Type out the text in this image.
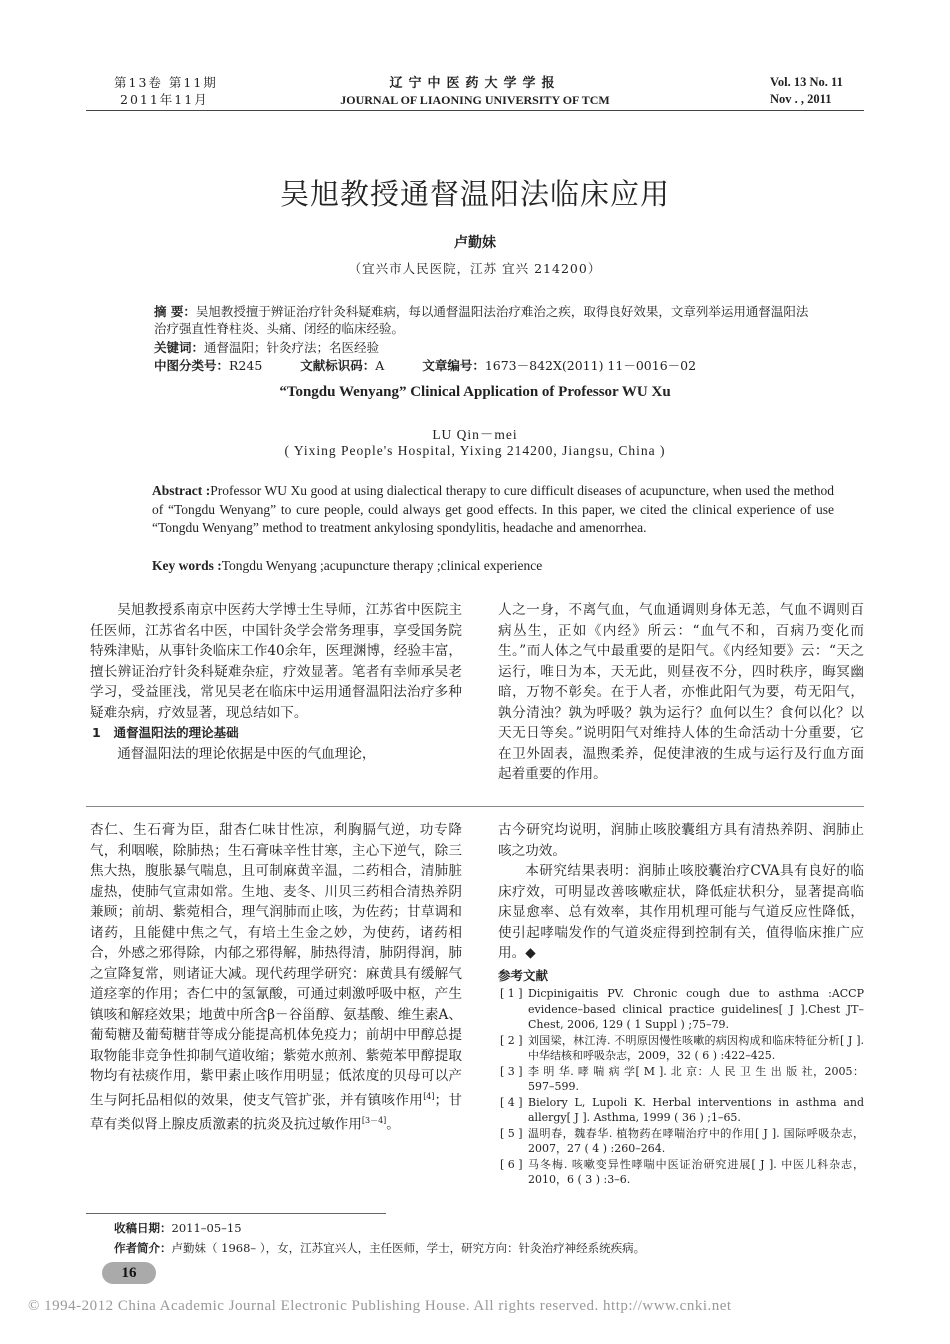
第13卷 第11期
2011年11月
辽宁中医药大学学报
JOURNAL OF LIAONING UNIVERSITY OF TCM
Vol. 13 No. 11
Nov . , 2011
吴旭教授通督温阳法临床应用
卢勤妹
（宜兴市人民医院，江苏 宜兴 214200）
摘 要：吴旭教授擅于辨证治疗针灸科疑难病，每以通督温阳法治疗难治之疾，取得良好效果，文章列举运用通督温阳法治疗强直性脊柱炎、头痛、闭经的临床经验。
关键词：通督温阳；针灸疗法；名医经验
中图分类号：R245	文献标识码：A	文章编号：1673－842X(2011) 11－0016－02
“Tongdu Wenyang” Clinical Application of Professor WU Xu
LU Qin－mei
( Yixing People's Hospital, Yixing 214200, Jiangsu, China )
Abstract :Professor WU Xu good at using dialectical therapy to cure difficult diseases of acupuncture, when used the method of “Tongdu Wenyang” to cure people, could always get good effects. In this paper, we cited the clinical experience of use “Tongdu Wenyang” method to treatment ankylosing spondylitis, headache and amenorrhea.
Key words :Tongdu Wenyang ;acupuncture therapy ;clinical experience

吴旭教授系南京中医药大学博士生导师，江苏省中医院主任医师，江苏省名中医，中国针灸学会常务理事，享受国务院特殊津贴，从事针灸临床工作40余年，医理渊博，经验丰富，擅长辨证治疗针灸科疑难杂症，疗效显著。笔者有幸师承吴老学习，受益匪浅，常见吴老在临床中运用通督温阳法治疗多种疑难杂病，疗效显著，现总结如下。

1 通督温阳法的理论基础

通督温阳法的理论依据是中医的气血理论，

人之一身，不离气血，气血通调则身体无恙，气血不调则百病丛生，正如《内经》所云：“血气不和，百病乃变化而生。”而人体之气中最重要的是阳气。《内经知要》云：“天之运行，唯日为本，天无此，则昼夜不分，四时秩序，晦冥幽暗，万物不彰矣。在于人者，亦惟此阳气为要，苟无阳气，孰分清浊？孰为呼吸？孰为运行？血何以生？食何以化？以天无日等矣。”说明阳气对维持人体的生命活动十分重要，它在卫外固表，温煦柔养，促使津液的生成与运行及行血方面起着重要的作用。

杏仁、生石膏为臣，甜杏仁味甘性凉，利胸膈气逆，功专降气，利咽喉，除肺热；生石膏味辛性甘寒，主心下逆气，除三焦大热，腹胀暴气喘息，且可制麻黄辛温，二药相合，清肺脏虚热，使肺气宣肃如常。生地、麦冬、川贝三药相合清热养阴兼顾；前胡、紫菀相合，理气润肺而止咳，为佐药；甘草调和诸药，且能健中焦之气，有培土生金之妙，为使药，诸药相合，外感之邪得除，内郁之邪得解，肺热得清，肺阴得润，肺之宣降复常，则诸证大减。现代药理学研究：麻黄具有缓解气道痉挛的作用；杏仁中的氢氰酸，可通过刺激呼吸中枢，产生镇咳和解痉效果；地黄中所含β－谷甾醇、氨基酸、维生素A、葡萄糖及葡萄糖苷等成分能提高机体免疫力；前胡中甲醇总提取物能非竞争性抑制气道收缩；紫菀水煎剂、紫菀苯甲醇提取物均有祛痰作用，紫甲素止咳作用明显；低浓度的贝母可以产生与阿托品相似的效果，使支气管扩张，并有镇咳作用[4]；甘草有类似肾上腺皮质激素的抗炎及抗过敏作用[3－4]。

古今研究均说明，润肺止咳胶囊组方具有清热养阴、润肺止咳之功效。

本研究结果表明：润肺止咳胶囊治疗CVA具有良好的临床疗效，可明显改善咳嗽症状，降低症状积分，显著提高临床显愈率、总有效率，其作用机理可能与气道反应性降低，使引起哮喘发作的气道炎症得到控制有关，值得临床推广应用。◆

参考文献
[ 1 ] Dicpinigaitis PV. Chronic cough due to asthma :ACCP evidence–based clinical practice guidelines[ J ].Chest JT–Chest, 2006, 129 ( 1 Suppl ) ;75–79.
[ 2 ] 刘国梁，林江涛. 不明原因慢性咳嗽的病因构成和临床特征分析[ J ]. 中华结核和呼吸杂志，2009，32 ( 6 ) :422–425.
[ 3 ] 李 明 华. 哮 喘 病 学[ M ]. 北 京：人 民 卫 生 出 版 社，2005：597–599.
[ 4 ] Bielory L, Lupoli K. Herbal interventions in asthma and allergy[ J ]. Asthma, 1999 ( 36 ) ;1–65.
[ 5 ] 温明春，魏春华. 植物药在哮喘治疗中的作用[ J ]. 国际呼吸杂志，2007，27 ( 4 ) :260–264.
[ 6 ] 马冬梅. 咳嗽变异性哮喘中医证治研究进展[ J ]. 中医儿科杂志，2010，6 ( 3 ) :3–6.
收稿日期：2011–05–15
作者简介：卢勤妹（ 1968– ），女，江苏宜兴人，主任医师，学士，研究方向：针灸治疗神经系统疾病。
16
© 1994-2012 China Academic Journal Electronic Publishing House. All rights reserved. http://www.cnki.net
